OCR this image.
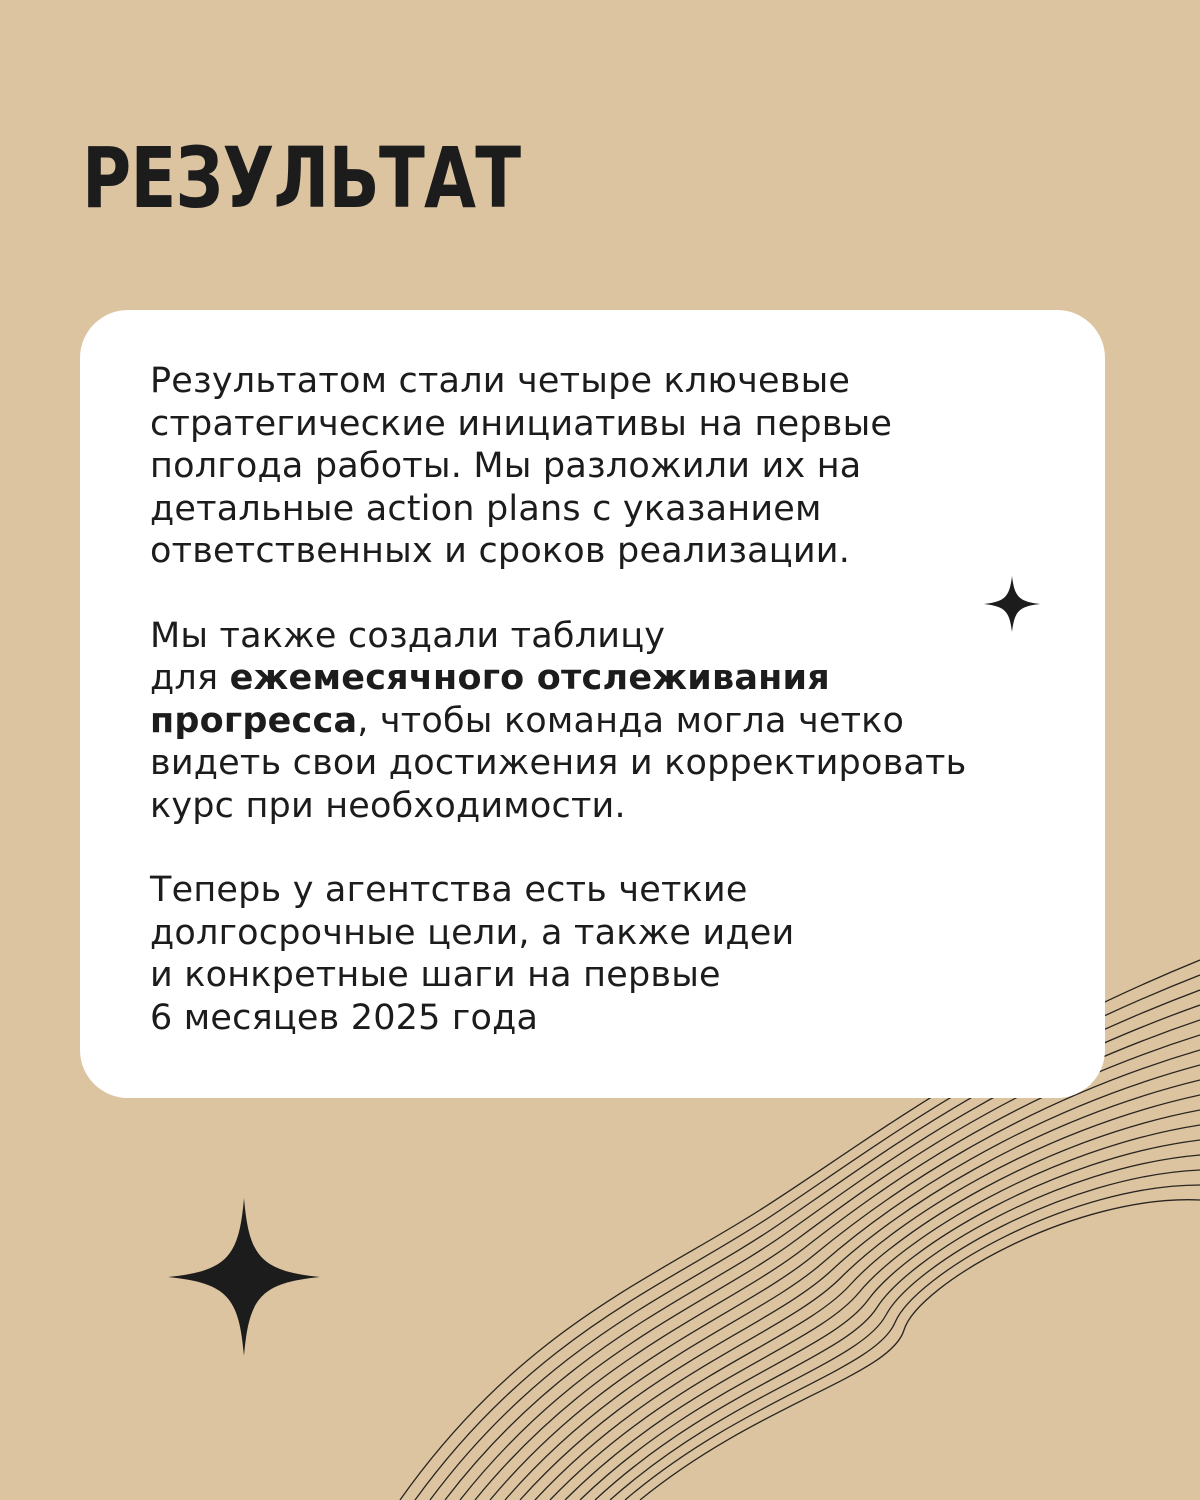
РЕЗУЛЬТАТ

Результатом стали четыре ключевые
стратегические инициативы на первые
полгода работы. Мы разложили их на
детальные action plans с указанием
ответственных и сроков реализации.

Мы также создали таблицу
для ежемесячного отслеживания
прогресса, чтобы команда могла четко
видеть свои достижения и корректировать
курс при необходимости.

Теперь у агентства есть четкие
долгосрочные цели, а также идеи
и конкретные шаги на первые
6 месяцев 2025 года
